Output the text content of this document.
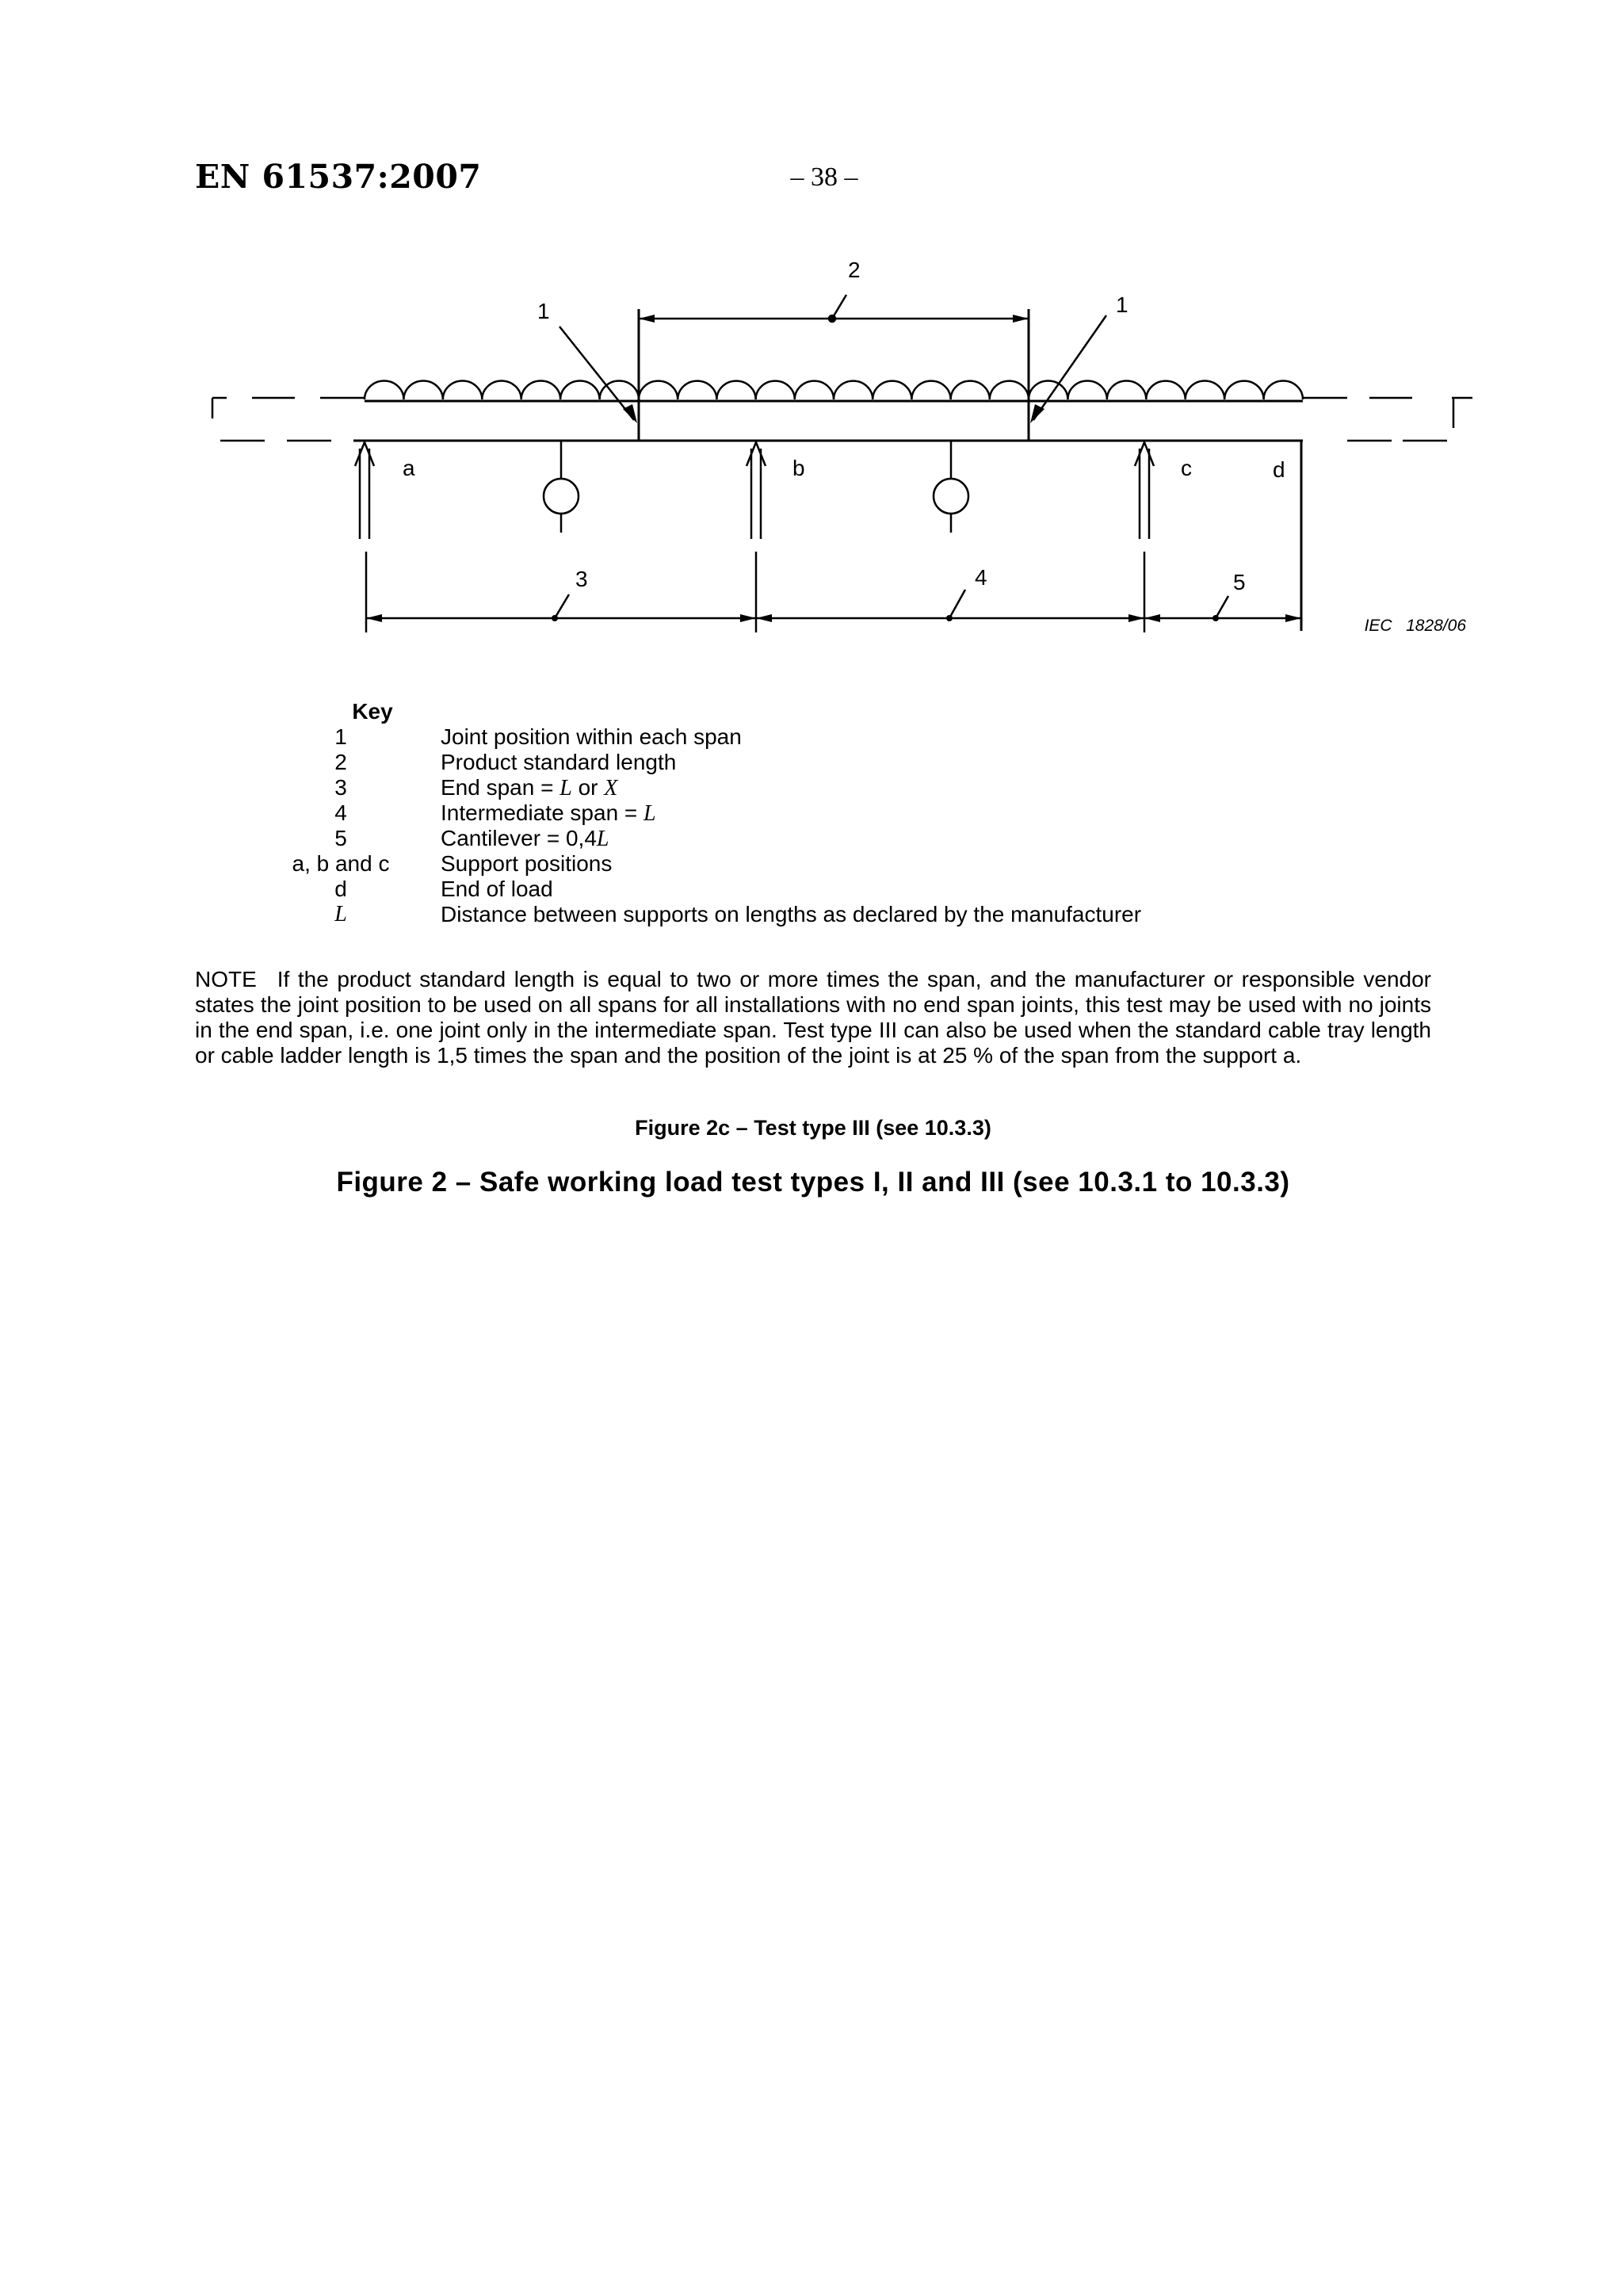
EN 61537:2007	– 38 –
2
1	1
a	b	c	d
3	4	5
IEC   1828/06
Key
1	Joint position within each span
2	Product standard length
3	End span = L or X
4	Intermediate span = L
5	Cantilever = 0,4L
a, b and c	Support positions
d	End of load
L	Distance between supports on lengths as declared by the manufacturer
NOTE If the product standard length is equal to two or more times the span, and the manufacturer or responsible vendor states the joint position to be used on all spans for all installations with no end span joints, this test may be used with no joints in the end span, i.e. one joint only in the intermediate span. Test type III can also be used when the standard cable tray length or cable ladder length is 1,5 times the span and the position of the joint is at 25 % of the span from the support a.
Figure 2c – Test type III (see 10.3.3)
Figure 2 – Safe working load test types I, II and III (see 10.3.1 to 10.3.3)
